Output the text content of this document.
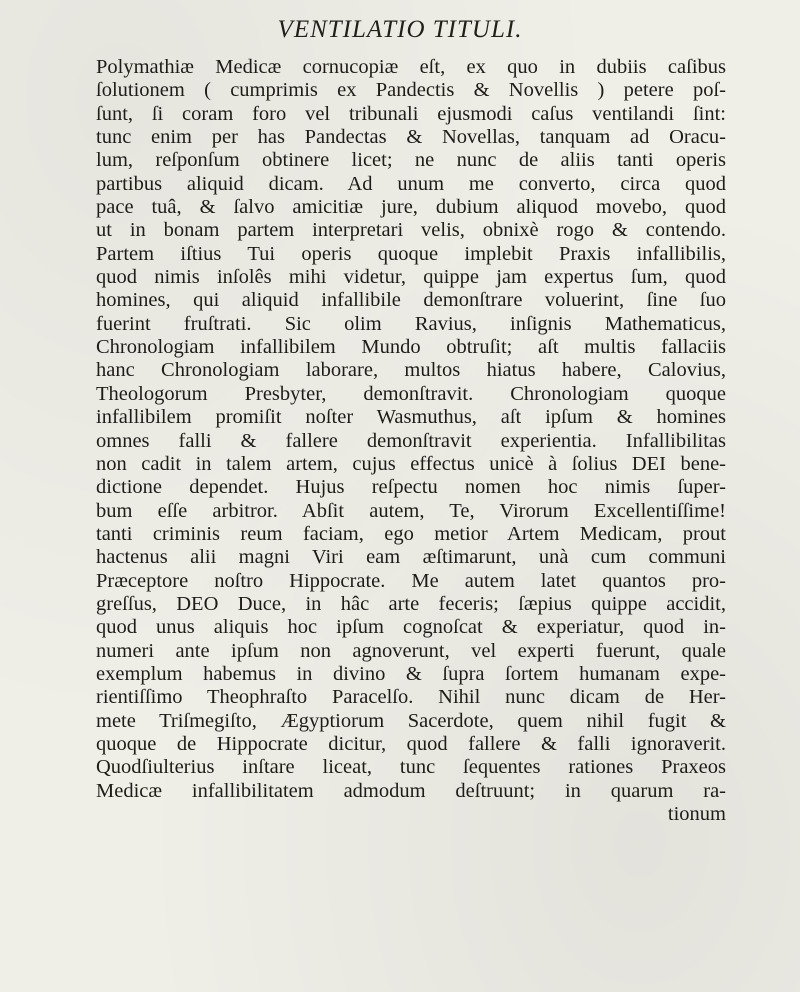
VENTILATIO TITULI.
Polymathiæ Medicæ cornucopiæ eſt, ex quo in dubiis caſibus
ſolutionem ( cumprimis ex Pandectis & Novellis ) petere poſ-
ſunt, ſi coram foro vel tribunali ejusmodi caſus ventilandi ſint:
tunc enim per has Pandectas & Novellas, tanquam ad Oracu-
lum, reſponſum obtinere licet; ne nunc de aliis tanti operis
partibus aliquid dicam. Ad unum me converto, circa quod
pace tuâ, & ſalvo amicitiæ jure, dubium aliquod movebo, quod
ut in bonam partem interpretari velis, obnixè rogo & contendo.
Partem iſtius Tui operis quoque implebit Praxis infallibilis,
quod nimis inſolês mihi videtur, quippe jam expertus ſum, quod
homines, qui aliquid infallibile demonſtrare voluerint, ſine ſuo
fuerint fruſtrati. Sic olim Ravius, inſignis Mathematicus,
Chronologiam infallibilem Mundo obtruſit; aſt multis fallaciis
hanc Chronologiam laborare, multos hiatus habere, Calovius,
Theologorum Presbyter, demonſtravit. Chronologiam quoque
infallibilem promiſit noſter Wasmuthus, aſt ipſum & homines
omnes falli & fallere demonſtravit experientia. Infallibilitas
non cadit in talem artem, cujus effectus unicè à ſolius DEI bene-
dictione dependet. Hujus reſpectu nomen hoc nimis ſuper-
bum eſſe arbitror. Abſit autem, Te, Virorum Excellentiſſime!
tanti criminis reum faciam, ego metior Artem Medicam, prout
hactenus alii magni Viri eam æſtimarunt, unà cum communi
Præceptore noſtro Hippocrate. Me autem latet quantos pro-
greſſus, DEO Duce, in hâc arte feceris; ſæpius quippe accidit,
quod unus aliquis hoc ipſum cognoſcat & experiatur, quod in-
numeri ante ipſum non agnoverunt, vel experti fuerunt, quale
exemplum habemus in divino & ſupra ſortem humanam expe-
rientiſſimo Theophraſto Paracelſo. Nihil nunc dicam de Her-
mete Triſmegiſto, Ægyptiorum Sacerdote, quem nihil fugit &
quoque de Hippocrate dicitur, quod fallere & falli ignoraverit.
Quodſiulterius inſtare liceat, tunc ſequentes rationes Praxeos
Medicæ infallibilitatem admodum deſtruunt; in quarum ra-
tionum
